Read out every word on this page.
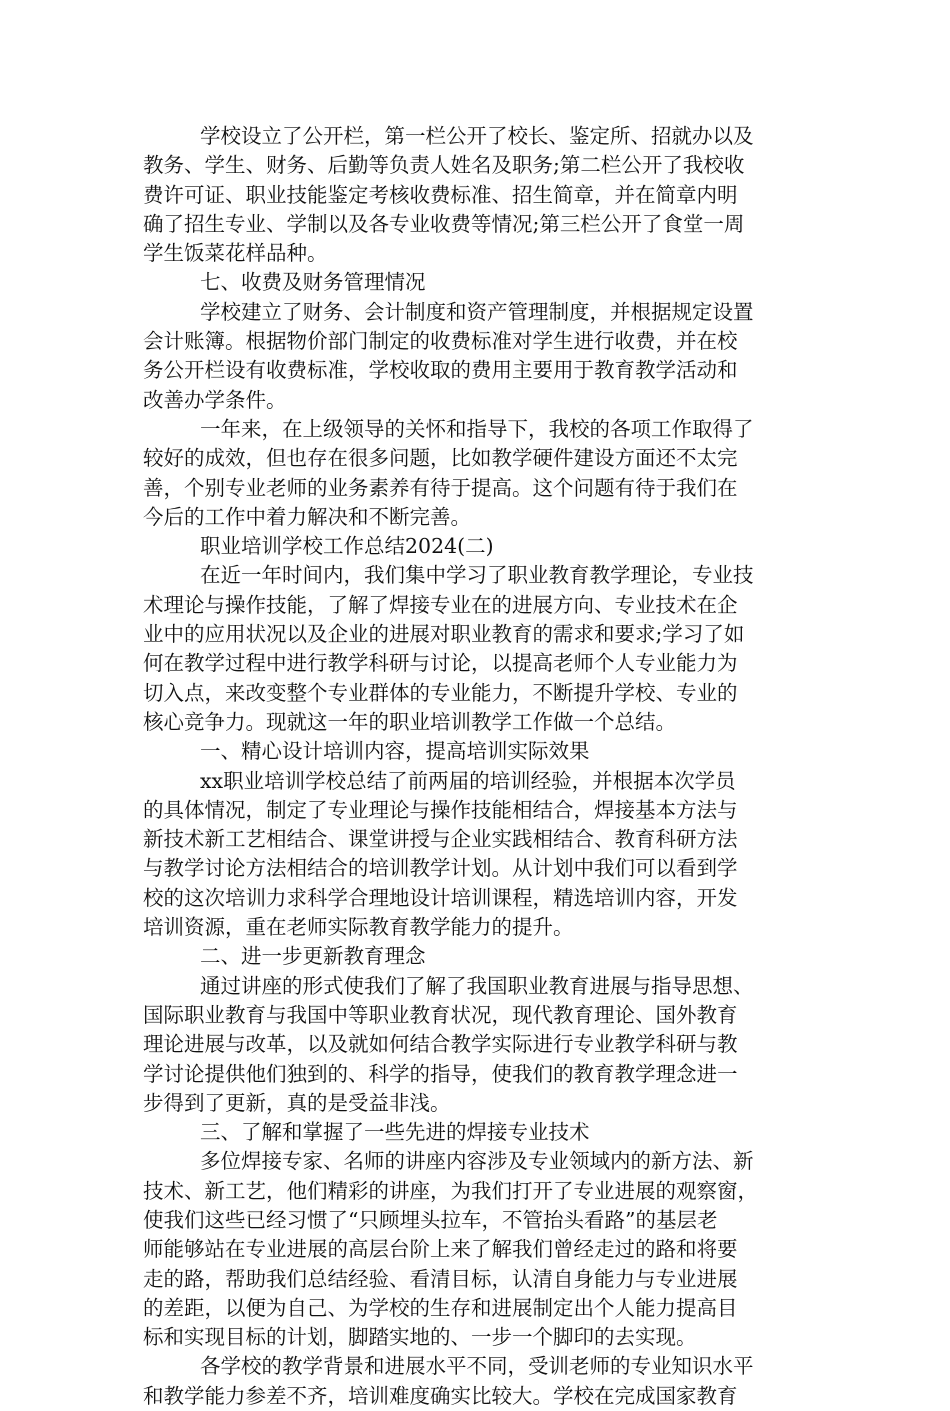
学校设立了公开栏，第一栏公开了校长、鉴定所、招就办以及
教务、学生、财务、后勤等负责人姓名及职务;第二栏公开了我校收
费许可证、职业技能鉴定考核收费标准、招生简章，并在简章内明
确了招生专业、学制以及各专业收费等情况;第三栏公开了食堂一周
学生饭菜花样品种。
七、收费及财务管理情况
学校建立了财务、会计制度和资产管理制度，并根据规定设置
会计账簿。根据物价部门制定的收费标准对学生进行收费，并在校
务公开栏设有收费标准，学校收取的费用主要用于教育教学活动和
改善办学条件。
一年来，在上级领导的关怀和指导下，我校的各项工作取得了
较好的成效，但也存在很多问题，比如教学硬件建设方面还不太完
善，个别专业老师的业务素养有待于提高。这个问题有待于我们在
今后的工作中着力解决和不断完善。
职业培训学校工作总结2024(二)
在近一年时间内，我们集中学习了职业教育教学理论，专业技
术理论与操作技能，了解了焊接专业在的进展方向、专业技术在企
业中的应用状况以及企业的进展对职业教育的需求和要求;学习了如
何在教学过程中进行教学科研与讨论，以提高老师个人专业能力为
切入点，来改变整个专业群体的专业能力，不断提升学校、专业的
核心竞争力。现就这一年的职业培训教学工作做一个总结。
一、精心设计培训内容，提高培训实际效果
xx职业培训学校总结了前两届的培训经验，并根据本次学员
的具体情况，制定了专业理论与操作技能相结合，焊接基本方法与
新技术新工艺相结合、课堂讲授与企业实践相结合、教育科研方法
与教学讨论方法相结合的培训教学计划。从计划中我们可以看到学
校的这次培训力求科学合理地设计培训课程，精选培训内容，开发
培训资源，重在老师实际教育教学能力的提升。
二、进一步更新教育理念
通过讲座的形式使我们了解了我国职业教育进展与指导思想、
国际职业教育与我国中等职业教育状况，现代教育理论、国外教育
理论进展与改革，以及就如何结合教学实际进行专业教学科研与教
学讨论提供他们独到的、科学的指导，使我们的教育教学理念进一
步得到了更新，真的是受益非浅。
三、了解和掌握了一些先进的焊接专业技术
多位焊接专家、名师的讲座内容涉及专业领域内的新方法、新
技术、新工艺，他们精彩的讲座，为我们打开了专业进展的观察窗，
使我们这些已经习惯了“只顾埋头拉车，不管抬头看路”的基层老
师能够站在专业进展的高层台阶上来了解我们曾经走过的路和将要
走的路，帮助我们总结经验、看清目标，认清自身能力与专业进展
的差距，以便为自己、为学校的生存和进展制定出个人能力提高目
标和实现目标的计划，脚踏实地的、一步一个脚印的去实现。
各学校的教学背景和进展水平不同，受训老师的专业知识水平
和教学能力参差不齐，培训难度确实比较大。学校在完成国家教育
